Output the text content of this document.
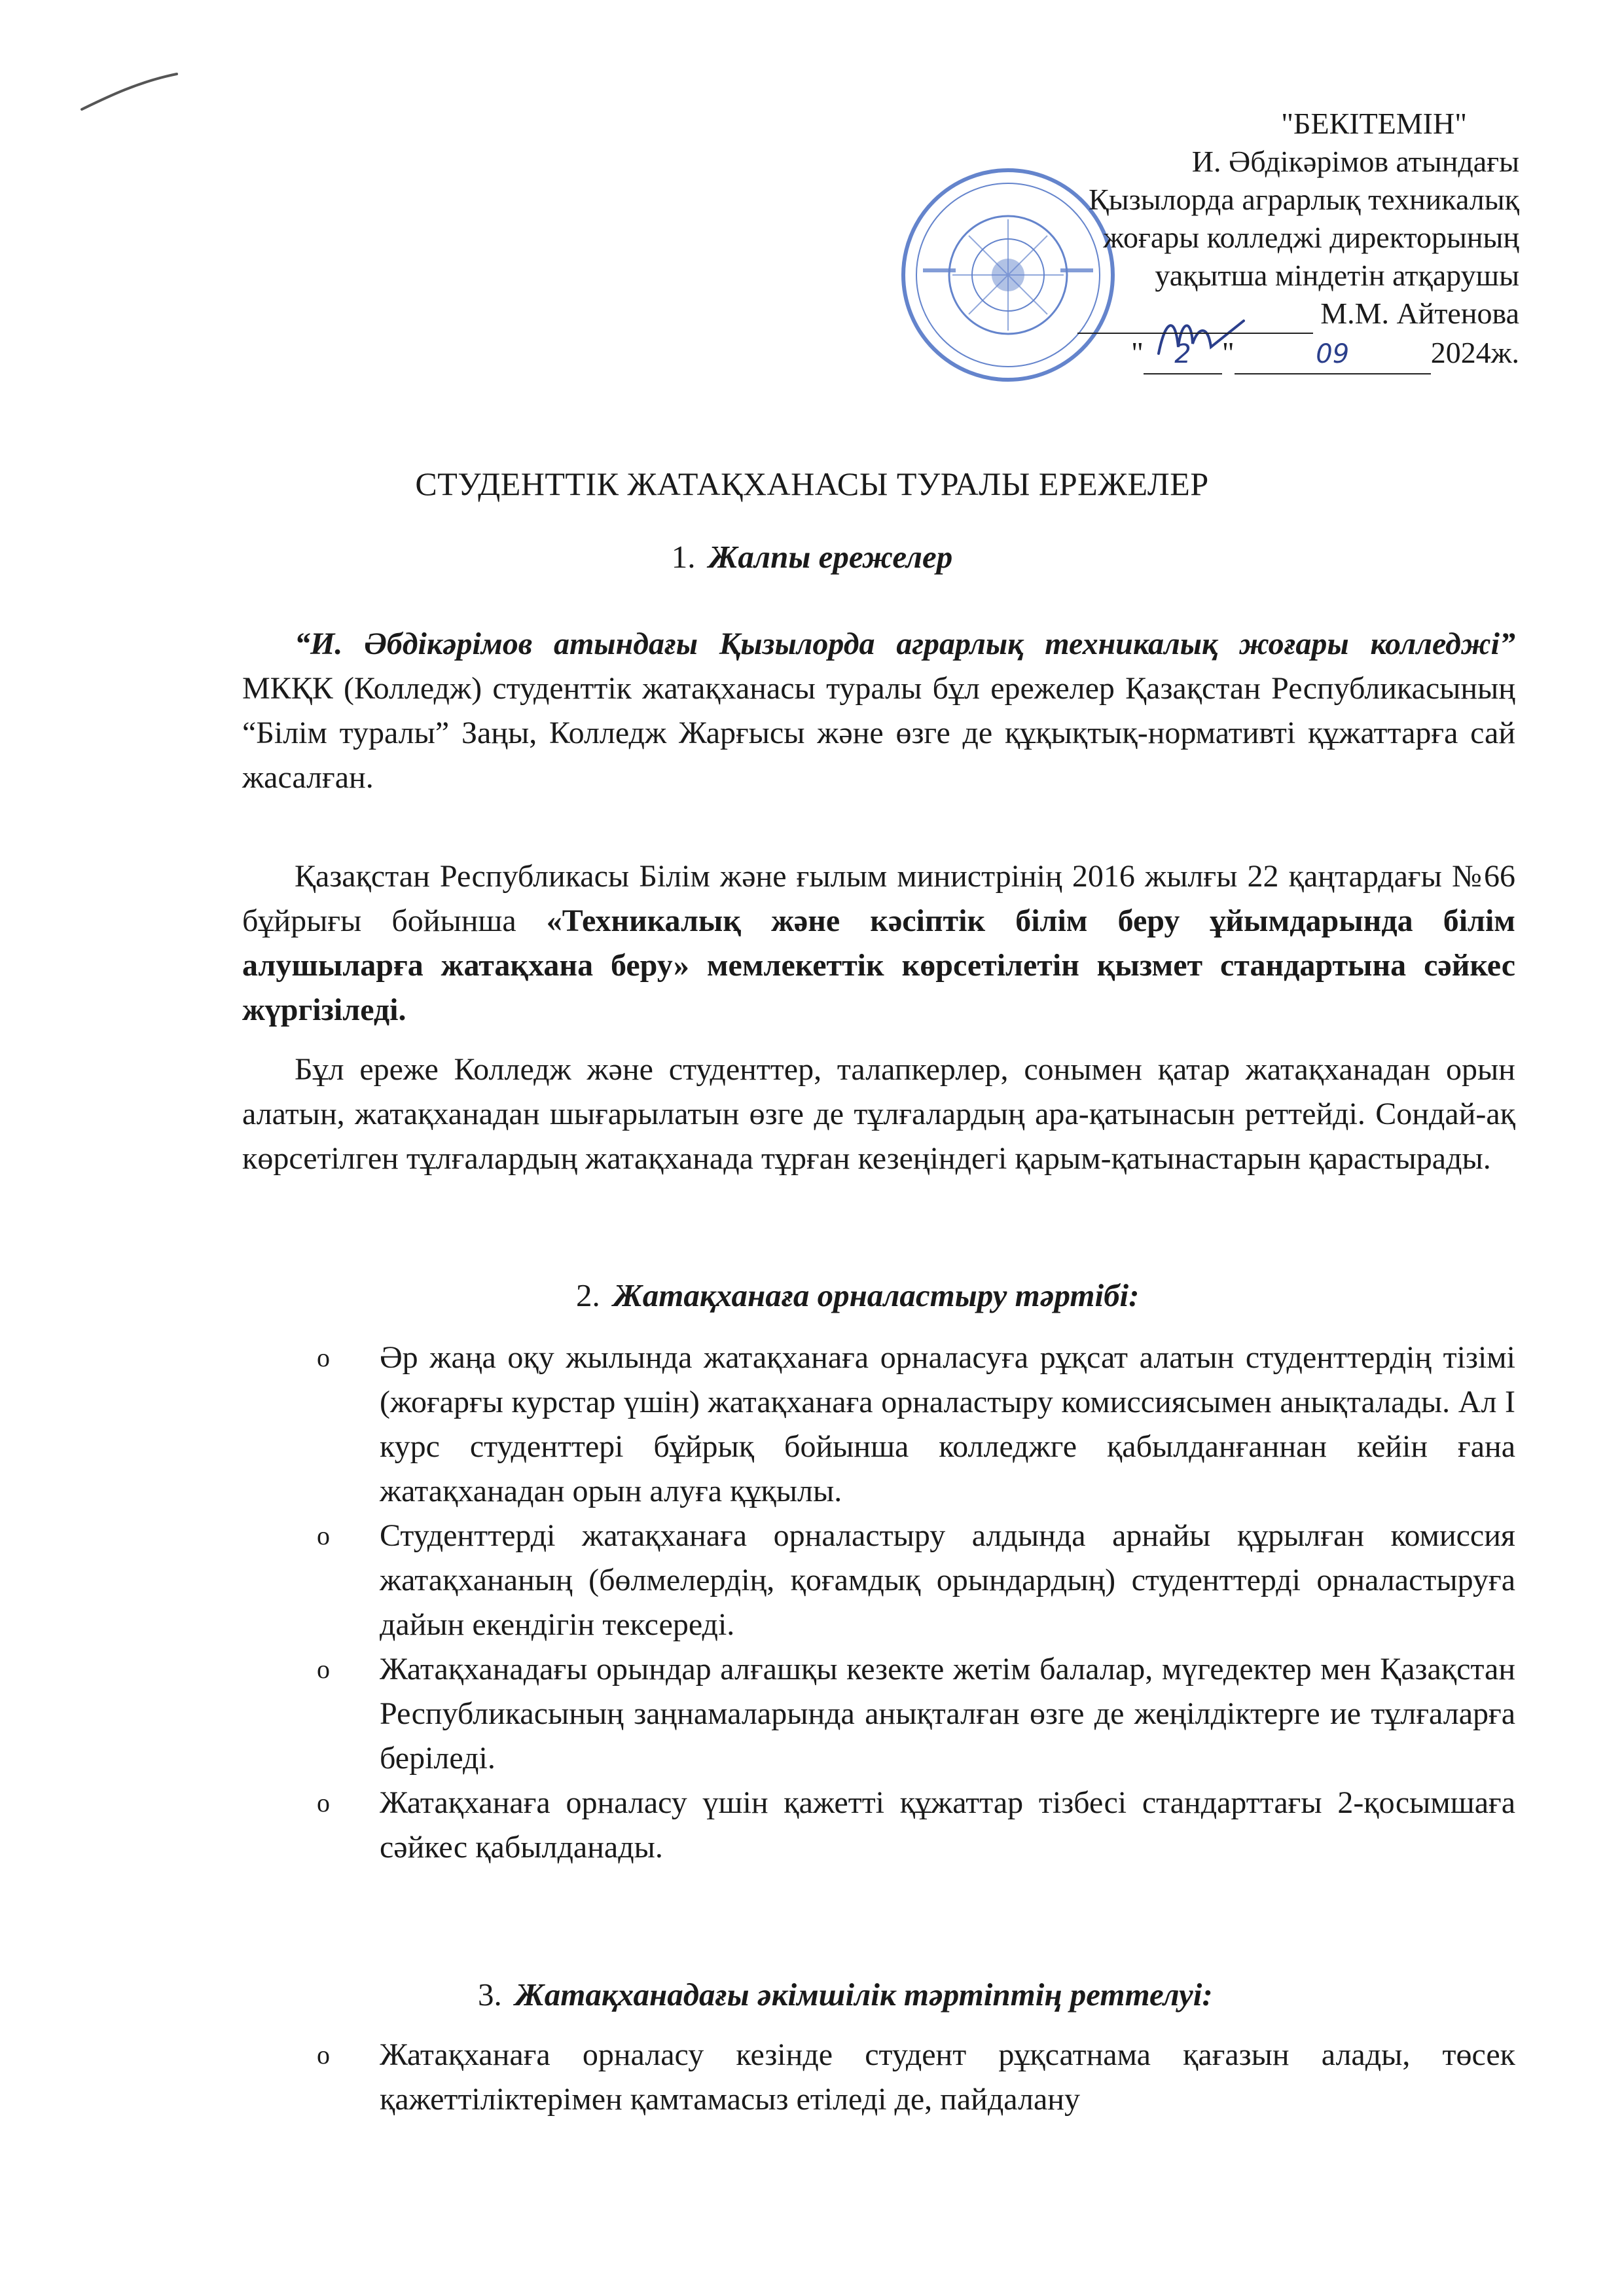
"БЕКІТЕМІН"
И. Әбдікәрімов атындағы
Қызылорда аграрлық техникалық
жоғары колледжі директорының
уақытша міндетін атқарушы
М.М. Айтенова
" 2 "	09	2024ж.
СТУДЕНТТІК ЖАТАҚХАНАСЫ ТУРАЛЫ ЕРЕЖЕЛЕР
1. Жалпы ережелер
“И. Әбдікәрімов атындағы Қызылорда аграрлық техникалық жоғары колледжі” МКҚК (Колледж) студенттік жатақханасы туралы бұл ережелер Қазақстан Республикасының “Білім туралы” Заңы, Колледж Жарғысы және өзге де құқықтық-нормативті құжаттарға сай жасалған.
Қазақстан Республикасы Білім және ғылым министрінің 2016 жылғы 22 қаңтардағы №66 бұйрығы бойынша «Техникалық және кәсіптік білім беру ұйымдарында білім алушыларға жатақхана беру» мемлекеттік көрсетілетін қызмет стандартына сәйкес жүргізіледі.
Бұл ереже Колледж және студенттер, талапкерлер, сонымен қатар жатақханадан орын алатын, жатақханадан шығарылатын өзге де тұлғалардың ара-қатынасын реттейді. Сондай-ақ көрсетілген тұлғалардың жатақханада тұрған кезеңіндегі қарым-қатынастарын қарастырады.
2. Жатақханаға орналастыру тәртібі:
o Әр жаңа оқу жылында жатақханаға орналасуға рұқсат алатын студенттердің тізімі (жоғарғы курстар үшін) жатақханаға орналастыру комиссиясымен анықталады. Ал I курс студенттері бұйрық бойынша колледжге қабылданғаннан кейін ғана жатақханадан орын алуға құқылы.
o Студенттерді жатақханаға орналастыру алдында арнайы құрылған комиссия жатақхананың (бөлмелердің, қоғамдық орындардың) студенттерді орналастыруға дайын екендігін тексереді.
o Жатақханадағы орындар алғашқы кезекте жетім балалар, мүгедектер мен Қазақстан Республикасының заңнамаларында анықталған өзге де жеңілдіктерге ие тұлғаларға беріледі.
o Жатақханаға орналасу үшін қажетті құжаттар тізбесі стандарттағы 2-қосымшаға сәйкес қабылданады.
3. Жатақханадағы әкімшілік тәртіптің реттелуі:
o Жатақханаға орналасу кезінде студент рұқсатнама қағазын алады, төсек қажеттіліктерімен қамтамасыз етіледі де, пайдалану
